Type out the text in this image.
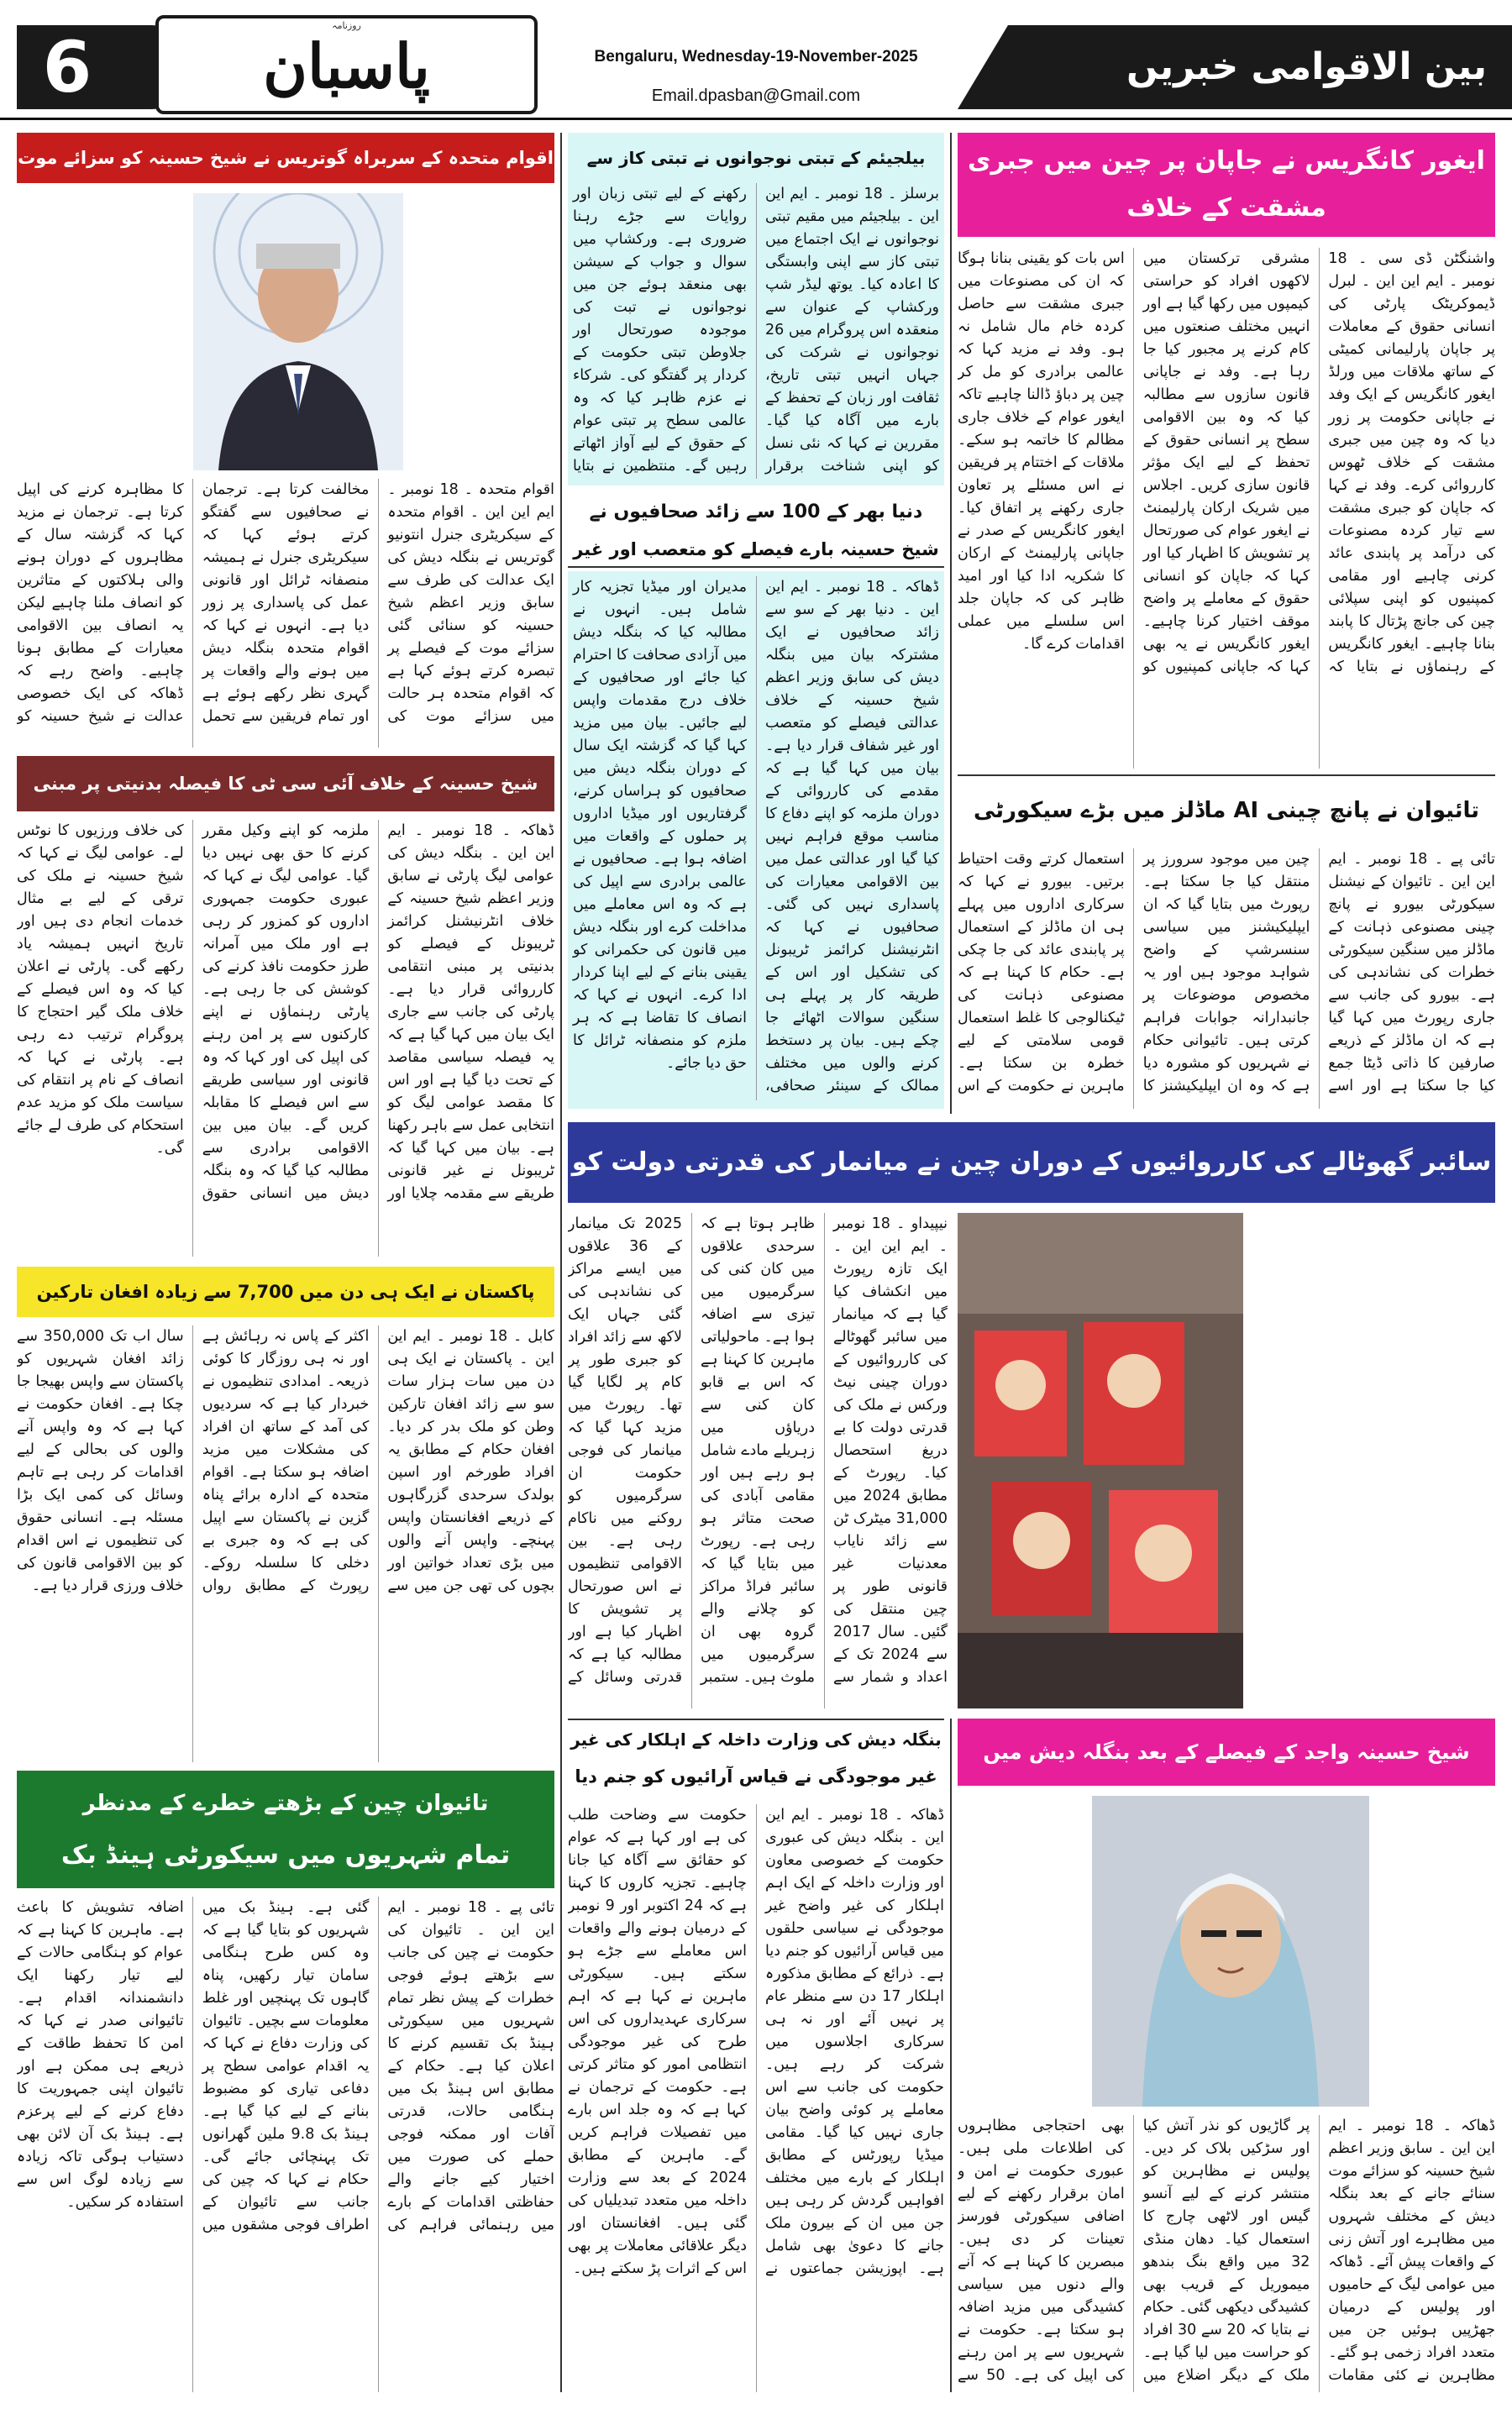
6
روزنامہ
پاسبان	Bengaluru, Wednesday-19-November-2025
Email.dpasban@Gmail.com
بین الاقوامی خبریں
ایغور کانگریس نے جاپان پر چین میں جبری مشقت کے خلاف
واشنگٹن ڈی سی ۔ 18 نومبر ۔ ایم این این ۔ لبرل ڈیموکریٹک پارٹی کی انسانی حقوق کے معاملات پر جاپان پارلیمانی کمیٹی کے ساتھ ملاقات میں ورلڈ ایغور کانگریس کے ایک وفد نے جاپانی حکومت پر زور دیا کہ وہ چین میں جبری مشقت کے خلاف ٹھوس کارروائی کرے۔ وفد نے کہا کہ جاپان کو جبری مشقت سے تیار کردہ مصنوعات کی درآمد پر پابندی عائد کرنی چاہیے اور مقامی کمپنیوں کو اپنی سپلائی چین کی جانچ پڑتال کا پابند بنانا چاہیے۔ ایغور کانگریس کے رہنماؤں نے بتایا کہ مشرقی ترکستان میں لاکھوں افراد کو حراستی کیمپوں میں رکھا گیا ہے اور انہیں مختلف صنعتوں میں کام کرنے پر مجبور کیا جا رہا ہے۔ وفد نے جاپانی قانون سازوں سے مطالبہ کیا کہ وہ بین الاقوامی سطح پر انسانی حقوق کے تحفظ کے لیے ایک مؤثر قانون سازی کریں۔ اجلاس میں شریک ارکان پارلیمنٹ نے ایغور عوام کی صورتحال پر تشویش کا اظہار کیا اور کہا کہ جاپان کو انسانی حقوق کے معاملے پر واضح موقف اختیار کرنا چاہیے۔ ایغور کانگریس نے یہ بھی کہا کہ جاپانی کمپنیوں کو اس بات کو یقینی بنانا ہوگا کہ ان کی مصنوعات میں جبری مشقت سے حاصل کردہ خام مال شامل نہ ہو۔ وفد نے مزید کہا کہ عالمی برادری کو مل کر چین پر دباؤ ڈالنا چاہیے تاکہ ایغور عوام کے خلاف جاری مظالم کا خاتمہ ہو سکے۔ ملاقات کے اختتام پر فریقین نے اس مسئلے پر تعاون جاری رکھنے پر اتفاق کیا۔ ایغور کانگریس کے صدر نے جاپانی پارلیمنٹ کے ارکان کا شکریہ ادا کیا اور امید ظاہر کی کہ جاپان جلد اس سلسلے میں عملی اقدامات کرے گا۔
تائیوان نے پانچ چینی AI ماڈلز میں بڑے سیکورٹی
تائی پے ۔ 18 نومبر ۔ ایم این این ۔ تائیوان کے نیشنل سیکورٹی بیورو نے پانچ چینی مصنوعی ذہانت کے ماڈلز میں سنگین سیکورٹی خطرات کی نشاندہی کی ہے۔ بیورو کی جانب سے جاری رپورٹ میں کہا گیا ہے کہ ان ماڈلز کے ذریعے صارفین کا ذاتی ڈیٹا جمع کیا جا سکتا ہے اور اسے چین میں موجود سرورز پر منتقل کیا جا سکتا ہے۔ رپورٹ میں بتایا گیا کہ ان ایپلیکیشنز میں سیاسی سنسرشپ کے واضح شواہد موجود ہیں اور یہ مخصوص موضوعات پر جانبدارانہ جوابات فراہم کرتی ہیں۔ تائیوانی حکام نے شہریوں کو مشورہ دیا ہے کہ وہ ان ایپلیکیشنز کا استعمال کرتے وقت احتیاط برتیں۔ بیورو نے کہا کہ سرکاری اداروں میں پہلے ہی ان ماڈلز کے استعمال پر پابندی عائد کی جا چکی ہے۔ حکام کا کہنا ہے کہ مصنوعی ذہانت کی ٹیکنالوجی کا غلط استعمال قومی سلامتی کے لیے خطرہ بن سکتا ہے۔ ماہرین نے حکومت کے اس
بیلجیئم کے تبتی نوجوانوں نے تبتی کاز سے
برسلز ۔ 18 نومبر ۔ ایم این این ۔ بیلجیئم میں مقیم تبتی نوجوانوں نے ایک اجتماع میں تبتی کاز سے اپنی وابستگی کا اعادہ کیا۔ یوتھ لیڈر شپ ورکشاپ کے عنوان سے منعقدہ اس پروگرام میں 26 نوجوانوں نے شرکت کی جہاں انہیں تبتی تاریخ، ثقافت اور زبان کے تحفظ کے بارے میں آگاہ کیا گیا۔ مقررین نے کہا کہ نئی نسل کو اپنی شناخت برقرار رکھنے کے لیے تبتی زبان اور روایات سے جڑے رہنا ضروری ہے۔ ورکشاپ میں سوال و جواب کے سیشن بھی منعقد ہوئے جن میں نوجوانوں نے تبت کی موجودہ صورتحال اور جلاوطن تبتی حکومت کے کردار پر گفتگو کی۔ شرکاء نے عزم ظاہر کیا کہ وہ عالمی سطح پر تبتی عوام کے حقوق کے لیے آواز اٹھاتے رہیں گے۔ منتظمین نے بتایا
دنیا بھر کے 100 سے زائد صحافیوں نے
شیخ حسینہ بارے فیصلے کو متعصب اور غیر
ڈھاکہ ۔ 18 نومبر ۔ ایم این این ۔ دنیا بھر کے سو سے زائد صحافیوں نے ایک مشترکہ بیان میں بنگلہ دیش کی سابق وزیر اعظم شیخ حسینہ کے خلاف عدالتی فیصلے کو متعصب اور غیر شفاف قرار دیا ہے۔ بیان میں کہا گیا ہے کہ مقدمے کی کارروائی کے دوران ملزمہ کو اپنے دفاع کا مناسب موقع فراہم نہیں کیا گیا اور عدالتی عمل میں بین الاقوامی معیارات کی پاسداری نہیں کی گئی۔ صحافیوں نے کہا کہ انٹرنیشنل کرائمز ٹریبونل کی تشکیل اور اس کے طریقہ کار پر پہلے ہی سنگین سوالات اٹھائے جا چکے ہیں۔ بیان پر دستخط کرنے والوں میں مختلف ممالک کے سینئر صحافی، مدیران اور میڈیا تجزیہ کار شامل ہیں۔ انہوں نے مطالبہ کیا کہ بنگلہ دیش میں آزادی صحافت کا احترام کیا جائے اور صحافیوں کے خلاف درج مقدمات واپس لیے جائیں۔ بیان میں مزید کہا گیا کہ گزشتہ ایک سال کے دوران بنگلہ دیش میں صحافیوں کو ہراساں کرنے، گرفتاریوں اور میڈیا اداروں پر حملوں کے واقعات میں اضافہ ہوا ہے۔ صحافیوں نے عالمی برادری سے اپیل کی ہے کہ وہ اس معاملے میں مداخلت کرے اور بنگلہ دیش میں قانون کی حکمرانی کو یقینی بنانے کے لیے اپنا کردار ادا کرے۔ انہوں نے کہا کہ انصاف کا تقاضا ہے کہ ہر ملزم کو منصفانہ ٹرائل کا حق دیا جائے۔
اقوام متحدہ کے سربراہ گوتریس نے شیخ حسینہ کو سزائے موت
اقوام متحدہ ۔ 18 نومبر ۔ ایم این این ۔ اقوام متحدہ کے سیکریٹری جنرل انتونیو گوتریس نے بنگلہ دیش کی ایک عدالت کی طرف سے سابق وزیر اعظم شیخ حسینہ کو سنائی گئی سزائے موت کے فیصلے پر تبصرہ کرتے ہوئے کہا ہے کہ اقوام متحدہ ہر حالت میں سزائے موت کی مخالفت کرتا ہے۔ ترجمان نے صحافیوں سے گفتگو کرتے ہوئے کہا کہ سیکریٹری جنرل نے ہمیشہ منصفانہ ٹرائل اور قانونی عمل کی پاسداری پر زور دیا ہے۔ انہوں نے کہا کہ اقوام متحدہ بنگلہ دیش میں ہونے والے واقعات پر گہری نظر رکھے ہوئے ہے اور تمام فریقین سے تحمل کا مظاہرہ کرنے کی اپیل کرتا ہے۔ ترجمان نے مزید کہا کہ گزشتہ سال کے مظاہروں کے دوران ہونے والی ہلاکتوں کے متاثرین کو انصاف ملنا چاہیے لیکن یہ انصاف بین الاقوامی معیارات کے مطابق ہونا چاہیے۔ واضح رہے کہ ڈھاکہ کی ایک خصوصی عدالت نے شیخ حسینہ کو
شیخ حسینہ کے خلاف آئی سی ٹی کا فیصلہ بدنیتی پر مبنی
ڈھاکہ ۔ 18 نومبر ۔ ایم این این ۔ بنگلہ دیش کی عوامی لیگ پارٹی نے سابق وزیر اعظم شیخ حسینہ کے خلاف انٹرنیشنل کرائمز ٹریبونل کے فیصلے کو بدنیتی پر مبنی انتقامی کارروائی قرار دیا ہے۔ پارٹی کی جانب سے جاری ایک بیان میں کہا گیا ہے کہ یہ فیصلہ سیاسی مقاصد کے تحت دیا گیا ہے اور اس کا مقصد عوامی لیگ کو انتخابی عمل سے باہر رکھنا ہے۔ بیان میں کہا گیا کہ ٹریبونل نے غیر قانونی طریقے سے مقدمہ چلایا اور ملزمہ کو اپنے وکیل مقرر کرنے کا حق بھی نہیں دیا گیا۔ عوامی لیگ نے کہا کہ عبوری حکومت جمہوری اداروں کو کمزور کر رہی ہے اور ملک میں آمرانہ طرز حکومت نافذ کرنے کی کوشش کی جا رہی ہے۔ پارٹی رہنماؤں نے اپنے کارکنوں سے پر امن رہنے کی اپیل کی اور کہا کہ وہ قانونی اور سیاسی طریقے سے اس فیصلے کا مقابلہ کریں گے۔ بیان میں بین الاقوامی برادری سے مطالبہ کیا گیا کہ وہ بنگلہ دیش میں انسانی حقوق کی خلاف ورزیوں کا نوٹس لے۔ عوامی لیگ نے کہا کہ شیخ حسینہ نے ملک کی ترقی کے لیے بے مثال خدمات انجام دی ہیں اور تاریخ انہیں ہمیشہ یاد رکھے گی۔ پارٹی نے اعلان کیا کہ وہ اس فیصلے کے خلاف ملک گیر احتجاج کا پروگرام ترتیب دے رہی ہے۔ پارٹی نے کہا کہ انصاف کے نام پر انتقام کی سیاست ملک کو مزید عدم استحکام کی طرف لے جائے گی۔
پاکستان نے ایک ہی دن میں 7,700 سے زیادہ افغان تارکین
کابل ۔ 18 نومبر ۔ ایم این این ۔ پاکستان نے ایک ہی دن میں سات ہزار سات سو سے زائد افغان تارکین وطن کو ملک بدر کر دیا۔ افغان حکام کے مطابق یہ افراد طورخم اور اسپن بولدک سرحدی گزرگاہوں کے ذریعے افغانستان واپس پہنچے۔ واپس آنے والوں میں بڑی تعداد خواتین اور بچوں کی تھی جن میں سے اکثر کے پاس نہ رہائش ہے اور نہ ہی روزگار کا کوئی ذریعہ۔ امدادی تنظیموں نے خبردار کیا ہے کہ سردیوں کی آمد کے ساتھ ان افراد کی مشکلات میں مزید اضافہ ہو سکتا ہے۔ اقوام متحدہ کے ادارہ برائے پناہ گزین نے پاکستان سے اپیل کی ہے کہ وہ جبری بے دخلی کا سلسلہ روکے۔ رپورٹ کے مطابق رواں سال اب تک 350,000 سے زائد افغان شہریوں کو پاکستان سے واپس بھیجا جا چکا ہے۔ افغان حکومت نے کہا ہے کہ وہ واپس آنے والوں کی بحالی کے لیے اقدامات کر رہی ہے تاہم وسائل کی کمی ایک بڑا مسئلہ ہے۔ انسانی حقوق کی تنظیموں نے اس اقدام کو بین الاقوامی قانون کی خلاف ورزی قرار دیا ہے۔
سائبر گھوٹالے کی کارروائیوں کے دوران چین نے میانمار کی قدرتی دولت کو
نیپیداو ۔ 18 نومبر ۔ ایم این این ۔ ایک تازہ رپورٹ میں انکشاف کیا گیا ہے کہ میانمار میں سائبر گھوٹالے کی کارروائیوں کے دوران چینی نیٹ ورکس نے ملک کی قدرتی دولت کا بے دریغ استحصال کیا۔ رپورٹ کے مطابق 2024 میں 31,000 میٹرک ٹن سے زائد نایاب معدنیات غیر قانونی طور پر چین منتقل کی گئیں۔ سال 2017 سے 2024 تک کے اعداد و شمار سے ظاہر ہوتا ہے کہ سرحدی علاقوں میں کان کنی کی سرگرمیوں میں تیزی سے اضافہ ہوا ہے۔ ماحولیاتی ماہرین کا کہنا ہے کہ اس بے قابو کان کنی سے دریاؤں میں زہریلے مادے شامل ہو رہے ہیں اور مقامی آبادی کی صحت متاثر ہو رہی ہے۔ رپورٹ میں بتایا گیا کہ سائبر فراڈ مراکز کو چلانے والے گروہ بھی ان سرگرمیوں میں ملوث ہیں۔ ستمبر 2025 تک میانمار کے 36 علاقوں میں ایسے مراکز کی نشاندہی کی گئی جہاں ایک لاکھ سے زائد افراد کو جبری طور پر کام پر لگایا گیا تھا۔ رپورٹ میں مزید کہا گیا کہ میانمار کی فوجی حکومت ان سرگرمیوں کو روکنے میں ناکام رہی ہے۔ بین الاقوامی تنظیموں نے اس صورتحال پر تشویش کا اظہار کیا ہے اور مطالبہ کیا ہے کہ قدرتی وسائل کے
بنگلہ دیش کی وزارت داخلہ کے اہلکار کی غیر
غیر موجودگی نے قیاس آرائیوں کو جنم دیا
ڈھاکہ ۔ 18 نومبر ۔ ایم این این ۔ بنگلہ دیش کی عبوری حکومت کے خصوصی معاون اور وزارت داخلہ کے ایک اہم اہلکار کی غیر واضح غیر موجودگی نے سیاسی حلقوں میں قیاس آرائیوں کو جنم دیا ہے۔ ذرائع کے مطابق مذکورہ اہلکار 17 دن سے منظر عام پر نہیں آئے اور نہ ہی سرکاری اجلاسوں میں شرکت کر رہے ہیں۔ حکومت کی جانب سے اس معاملے پر کوئی واضح بیان جاری نہیں کیا گیا۔ مقامی میڈیا رپورٹس کے مطابق اہلکار کے بارے میں مختلف افواہیں گردش کر رہی ہیں جن میں ان کے بیرون ملک جانے کا دعویٰ بھی شامل ہے۔ اپوزیشن جماعتوں نے حکومت سے وضاحت طلب کی ہے اور کہا ہے کہ عوام کو حقائق سے آگاہ کیا جانا چاہیے۔ تجزیہ کاروں کا کہنا ہے کہ 24 اکتوبر اور 9 نومبر کے درمیان ہونے والے واقعات اس معاملے سے جڑے ہو سکتے ہیں۔ سیکورٹی ماہرین نے کہا ہے کہ اہم سرکاری عہدیداروں کی اس طرح کی غیر موجودگی انتظامی امور کو متاثر کرتی ہے۔ حکومت کے ترجمان نے کہا ہے کہ وہ جلد اس بارے میں تفصیلات فراہم کریں گے۔ ماہرین کے مطابق 2024 کے بعد سے وزارت داخلہ میں متعدد تبدیلیاں کی گئی ہیں۔ افغانستان اور دیگر علاقائی معاملات پر بھی اس کے اثرات پڑ سکتے ہیں۔
شیخ حسینہ واجد کے فیصلے کے بعد بنگلہ دیش میں
ڈھاکہ ۔ 18 نومبر ۔ ایم این این ۔ سابق وزیر اعظم شیخ حسینہ کو سزائے موت سنائے جانے کے بعد بنگلہ دیش کے مختلف شہروں میں مظاہرے اور آتش زنی کے واقعات پیش آئے۔ ڈھاکہ میں عوامی لیگ کے حامیوں اور پولیس کے درمیان جھڑپیں ہوئیں جن میں متعدد افراد زخمی ہو گئے۔ مظاہرین نے کئی مقامات پر گاڑیوں کو نذر آتش کیا اور سڑکیں بلاک کر دیں۔ پولیس نے مظاہرین کو منتشر کرنے کے لیے آنسو گیس اور لاٹھی چارج کا استعمال کیا۔ دھان منڈی 32 میں واقع بنگ بندھو میموریل کے قریب بھی کشیدگی دیکھی گئی۔ حکام نے بتایا کہ 20 سے 30 افراد کو حراست میں لیا گیا ہے۔ ملک کے دیگر اضلاع میں بھی احتجاجی مظاہروں کی اطلاعات ملی ہیں۔ عبوری حکومت نے امن و امان برقرار رکھنے کے لیے اضافی سیکورٹی فورسز تعینات کر دی ہیں۔ مبصرین کا کہنا ہے کہ آنے والے دنوں میں سیاسی کشیدگی میں مزید اضافہ ہو سکتا ہے۔ حکومت نے شہریوں سے پر امن رہنے کی اپیل کی ہے۔ 50 سے
تائیوان چین کے بڑھتے خطرے کے مدنظر
تمام شہریوں میں سیکورٹی ہینڈ بک
تائی پے ۔ 18 نومبر ۔ ایم این این ۔ تائیوان کی حکومت نے چین کی جانب سے بڑھتے ہوئے فوجی خطرات کے پیش نظر تمام شہریوں میں سیکورٹی ہینڈ بک تقسیم کرنے کا اعلان کیا ہے۔ حکام کے مطابق اس ہینڈ بک میں ہنگامی حالات، قدرتی آفات اور ممکنہ فوجی حملے کی صورت میں اختیار کیے جانے والے حفاظتی اقدامات کے بارے میں رہنمائی فراہم کی گئی ہے۔ ہینڈ بک میں شہریوں کو بتایا گیا ہے کہ وہ کس طرح ہنگامی سامان تیار رکھیں، پناہ گاہوں تک پہنچیں اور غلط معلومات سے بچیں۔ تائیوان کی وزارت دفاع نے کہا کہ یہ اقدام عوامی سطح پر دفاعی تیاری کو مضبوط بنانے کے لیے کیا گیا ہے۔ ہینڈ بک 9.8 ملین گھرانوں تک پہنچائی جائے گی۔ حکام نے کہا کہ چین کی جانب سے تائیوان کے اطراف فوجی مشقوں میں اضافہ تشویش کا باعث ہے۔ ماہرین کا کہنا ہے کہ عوام کو ہنگامی حالات کے لیے تیار رکھنا ایک دانشمندانہ اقدام ہے۔ تائیوانی صدر نے کہا کہ امن کا تحفظ طاقت کے ذریعے ہی ممکن ہے اور تائیوان اپنی جمہوریت کا دفاع کرنے کے لیے پرعزم ہے۔ ہینڈ بک آن لائن بھی دستیاب ہوگی تاکہ زیادہ سے زیادہ لوگ اس سے استفادہ کر سکیں۔
